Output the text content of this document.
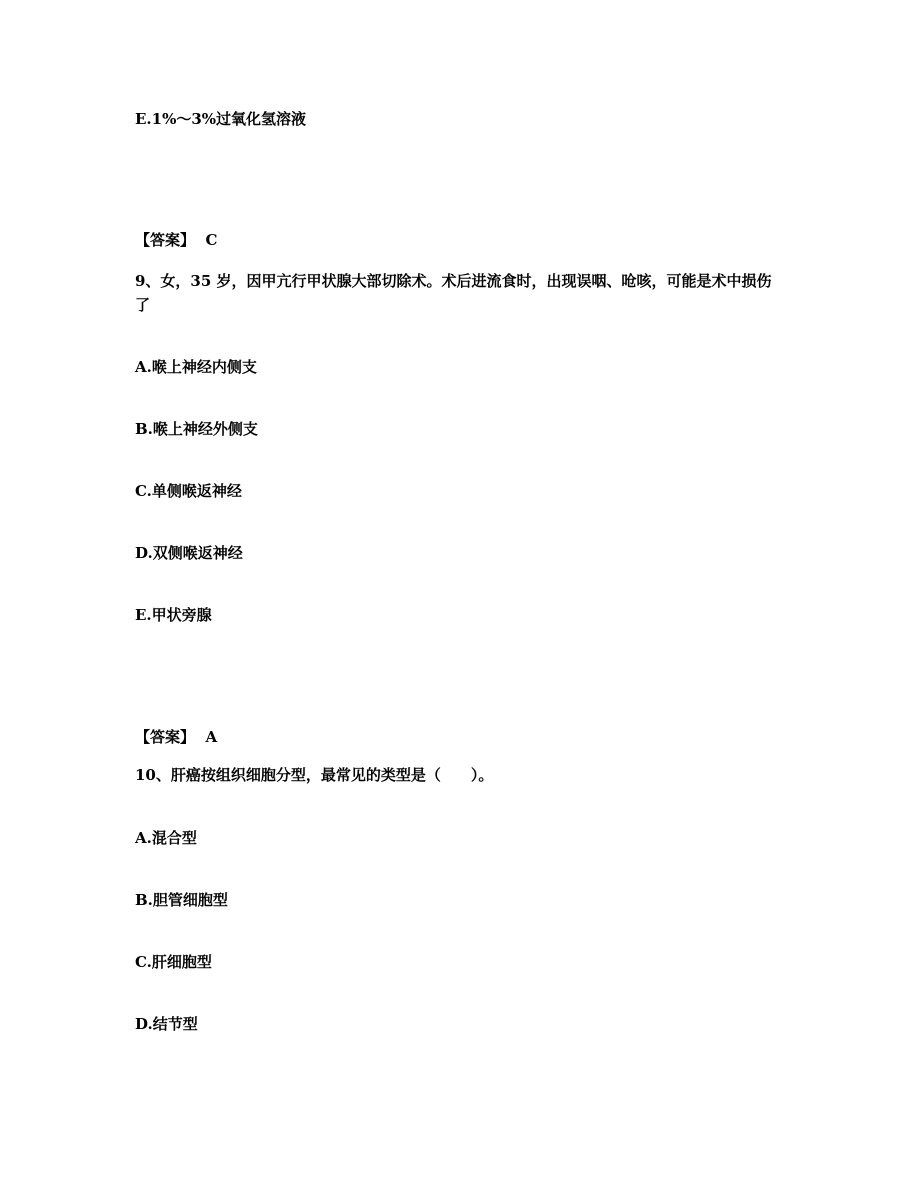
E.1%～3%过氧化氢溶液
【答案】  C
9、女，35 岁，因甲亢行甲状腺大部切除术。术后进流食时，出现误咽、呛咳，可能是术中损伤了
A.喉上神经内侧支
B.喉上神经外侧支
C.单侧喉返神经
D.双侧喉返神经
E.甲状旁腺
【答案】  A
10、肝癌按组织细胞分型，最常见的类型是（　　）。
A.混合型
B.胆管细胞型
C.肝细胞型
D.结节型
